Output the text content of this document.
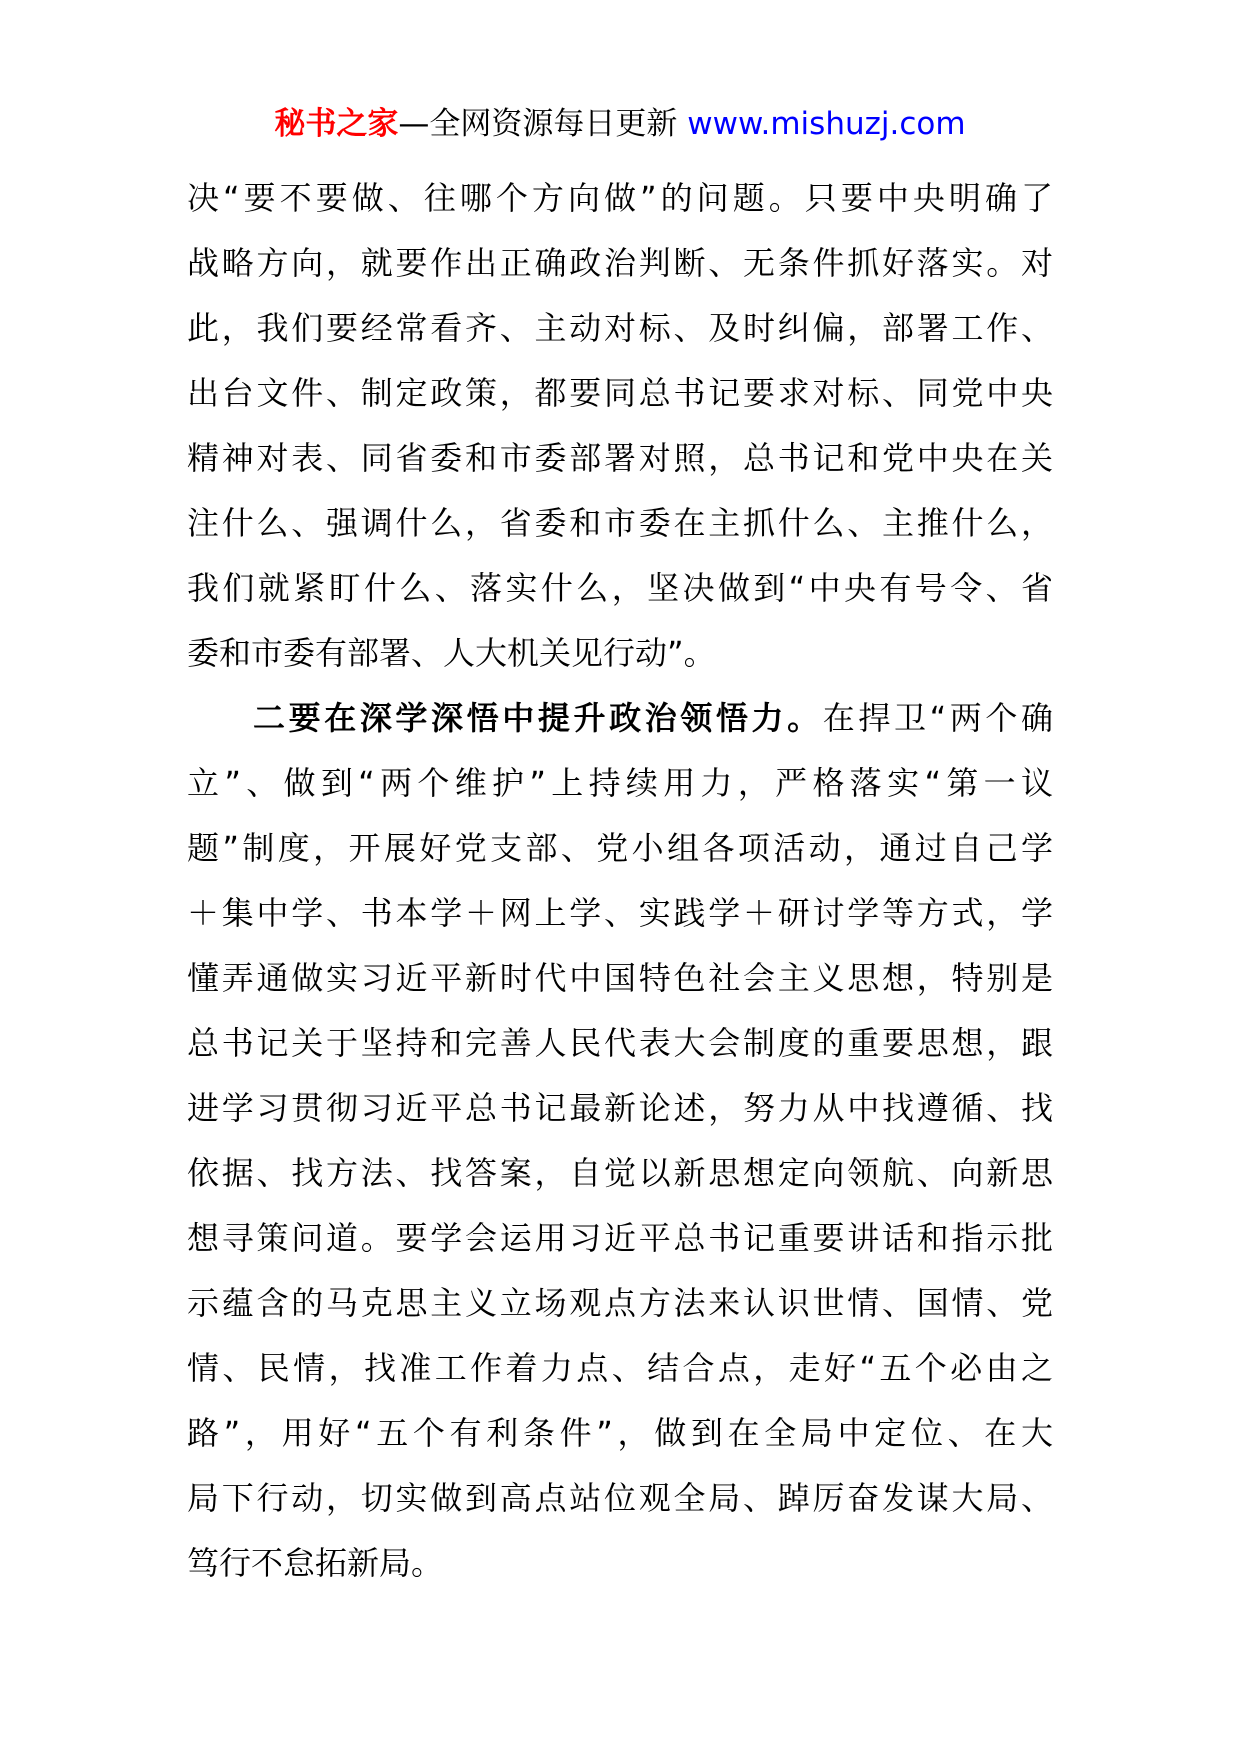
秘书之家—全网资源每日更新 www.mishuzj.com
决“要不要做、往哪个方向做”的问题。只要中央明确了
战略方向，就要作出正确政治判断、无条件抓好落实。对
此，我们要经常看齐、主动对标、及时纠偏，部署工作、
出台文件、制定政策，都要同总书记要求对标、同党中央
精神对表、同省委和市委部署对照，总书记和党中央在关
注什么、强调什么，省委和市委在主抓什么、主推什么，
我们就紧盯什么、落实什么，坚决做到“中央有号令、省
委和市委有部署、人大机关见行动”。
二要在深学深悟中提升政治领悟力。在捍卫“两个确
立”、做到“两个维护”上持续用力，严格落实“第一议
题”制度，开展好党支部、党小组各项活动，通过自己学
＋集中学、书本学＋网上学、实践学＋研讨学等方式，学
懂弄通做实习近平新时代中国特色社会主义思想，特别是
总书记关于坚持和完善人民代表大会制度的重要思想，跟
进学习贯彻习近平总书记最新论述，努力从中找遵循、找
依据、找方法、找答案，自觉以新思想定向领航、向新思
想寻策问道。要学会运用习近平总书记重要讲话和指示批
示蕴含的马克思主义立场观点方法来认识世情、国情、党
情、民情，找准工作着力点、结合点，走好“五个必由之
路”，用好“五个有利条件”，做到在全局中定位、在大
局下行动，切实做到高点站位观全局、踔厉奋发谋大局、
笃行不怠拓新局。
